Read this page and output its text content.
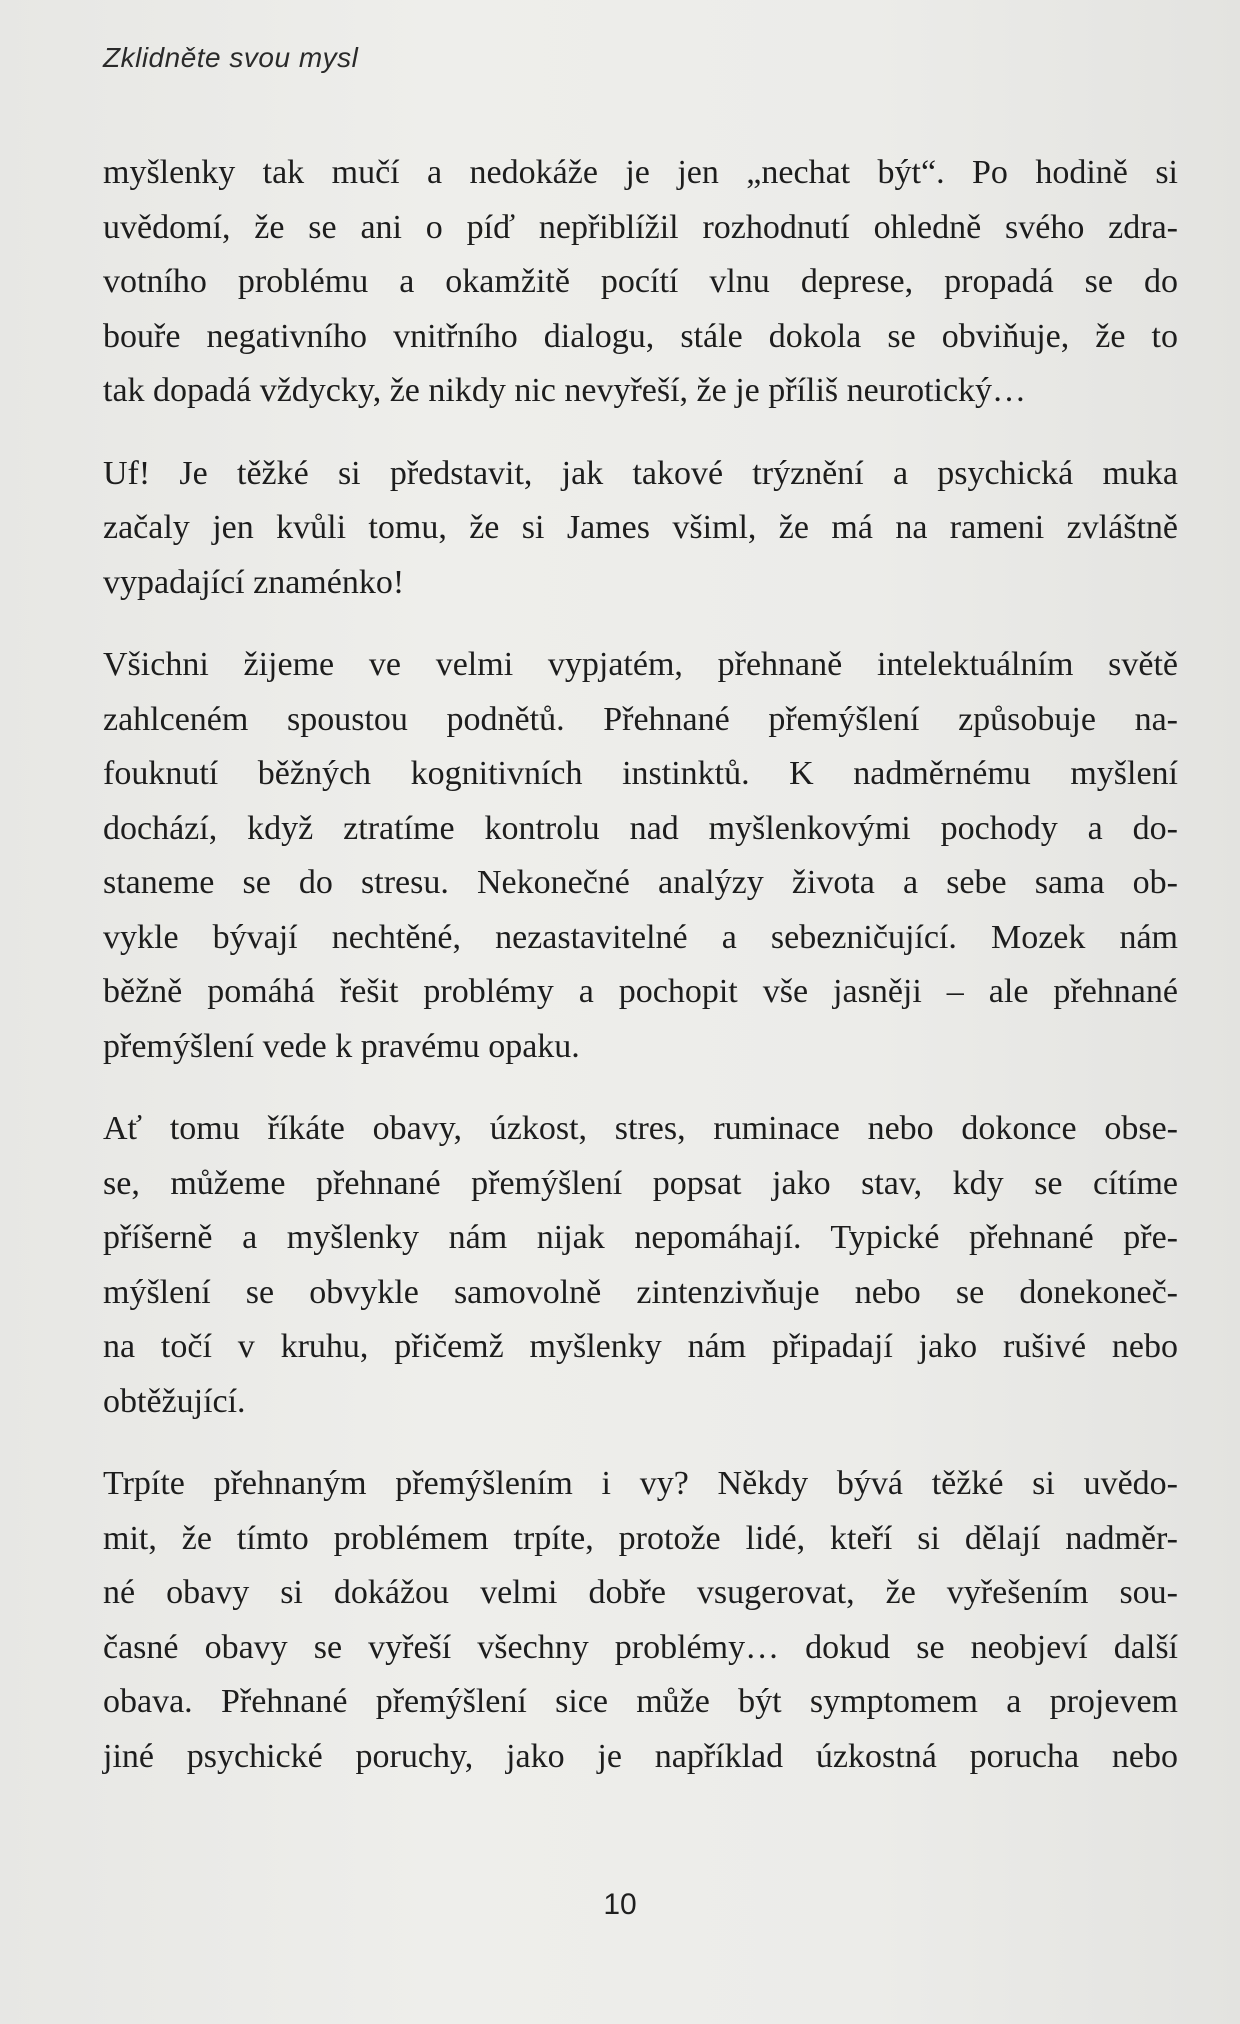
Zklidněte svou mysl

myšlenky tak mučí a nedokáže je jen „nechat být“. Po hodině si
uvědomí, že se ani o píď nepřiblížil rozhodnutí ohledně svého zdra-
votního problému a okamžitě pocítí vlnu deprese, propadá se do
bouře negativního vnitřního dialogu, stále dokola se obviňuje, že to
tak dopadá vždycky, že nikdy nic nevyřeší, že je příliš neurotický…

Uf! Je těžké si představit, jak takové trýznění a psychická muka
začaly jen kvůli tomu, že si James všiml, že má na rameni zvláštně
vypadající znaménko!

Všichni žijeme ve velmi vypjatém, přehnaně intelektuálním světě
zahlceném spoustou podnětů. Přehnané přemýšlení způsobuje na-
fouknutí běžných kognitivních instinktů. K nadměrnému myšlení
dochází, když ztratíme kontrolu nad myšlenkovými pochody a do-
staneme se do stresu. Nekonečné analýzy života a sebe sama ob-
vykle bývají nechtěné, nezastavitelné a sebezničující. Mozek nám
běžně pomáhá řešit problémy a pochopit vše jasněji – ale přehnané
přemýšlení vede k pravému opaku.

Ať tomu říkáte obavy, úzkost, stres, ruminace nebo dokonce obse-
se, můžeme přehnané přemýšlení popsat jako stav, kdy se cítíme
příšerně a myšlenky nám nijak nepomáhají. Typické přehnané pře-
mýšlení se obvykle samovolně zintenzivňuje nebo se donekoneč-
na točí v kruhu, přičemž myšlenky nám připadají jako rušivé nebo
obtěžující.

Trpíte přehnaným přemýšlením i vy? Někdy bývá těžké si uvědo-
mit, že tímto problémem trpíte, protože lidé, kteří si dělají nadměr-
né obavy si dokážou velmi dobře vsugerovat, že vyřešením sou-
časné obavy se vyřeší všechny problémy… dokud se neobjeví další
obava. Přehnané přemýšlení sice může být symptomem a projevem
jiné psychické poruchy, jako je například úzkostná porucha nebo

10
